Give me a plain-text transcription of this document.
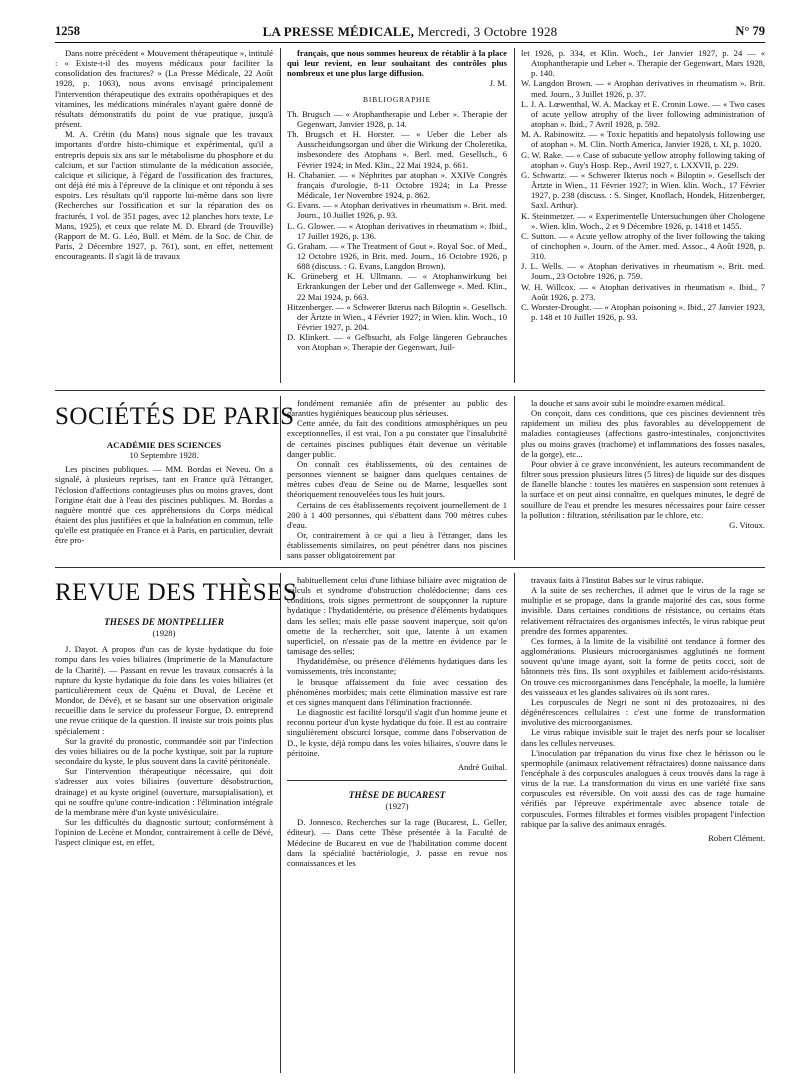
1258	LA PRESSE MÉDICALE, Mercredi, 3 Octobre 1928	N° 79

Dans notre précédent « Mouvement thérapeutique », intitulé : « Existe-t-il des moyens médicaux pour faciliter la consolidation des fractures? » (La Presse Médicale, 22 Août 1928, p. 1063), nous avons envisagé principalement l'intervention thérapeutique des extraits opothérapiques et des vitamines, les médications minérales n'ayant guère donné de résultats démonstratifs du point de vue pratique, jusqu'à présent.

M. A. Crétin (du Mans) nous signale que les travaux importants d'ordre histo-chimique et expérimental, qu'il a entrepris depuis six ans sur le métabolisme du phosphore et du calcium, et sur l'action stimulante de la médication associée, calcique et silicique, à l'égard de l'ossification des fractures, ont déjà été mis à l'épreuve de la clinique et ont répondu à ses espoirs. Les résultats qu'il rapporte lui-même dans son livre (Recherches sur l'ossification et sur la réparation des os fracturés, 1 vol. de 351 pages, avec 12 planches hors texte, Le Mans, 1925), et ceux que relate M. D. Ebrard (de Trouville) (Rapport de M. G. Léo, Bull. et Mém. de la Soc. de Chir. de Paris, 2 Décembre 1927, p. 761), sont, en effet, nettement encourageants. Il s'agit là de travaux

français, que nous sommes heureux de rétablir à la place qui leur revient, en leur souhaitant des contrôles plus nombreux et une plus large diffusion.

J. M.

BIBLIOGRAPHIE

Th. Brugsch — « Atophantherapie und Leber ». Therapie der Gegenwart, Janvier 1928, p. 14.

Th. Brugsch et H. Horster. — « Ueber die Leber als Ausscheidungsorgan und über die Wirkung der Choleretika, insbesondere des Atophans ». Berl. med. Gesellsch., 6 Février 1924; in Med. Klin., 22 Mai 1924, p. 661.

H. Chabanier. — « Néphrites par atophan ». XXIVe Congrès français d'urologie, 8-11 Octobre 1924; in La Presse Médicale, 1er Novembre 1924, p. 862.

G. Evans. — « Atophan derivatives in rheumatism ». Brit. med. Journ., 10 Juillet 1926, p. 93.

L. G. Glower. — « Atophan derivatives in rheumatism ». Ibid., 17 Juillet 1926, p. 136.

G. Graham. — « The Treatment of Gout ». Royal Soc. of Med., 12 Octobre 1926, in Brit. med. Journ., 16 Octobre 1926, p 688 (discuss. : G. Evans, Langdon Brown).

K. Grüneberg et H. Ullmann. — « Atophanwirkung bei Erkrankungen der Leber und der Gallenwege ». Med. Klin., 22 Mai 1924, p. 663.

Hitzenberger. — « Schwerer Ikterus nach Biloptin ». Gesellsch. der Ärtzte in Wien., 4 Février 1927; in Wien. klin. Woch., 10 Février 1927, p. 204.

D. Klinkert. — « Gelbsucht, als Folge längeren Gebrauches von Atophan ». Therapie der Gegenwart, Juil-

let 1926, p. 334, et Klin. Woch., 1er Janvier 1927, p. 24 — « Atophantherapie und Leber ». Therapie der Gegenwart, Mars 1928, p. 140.

W. Langdon Brown. — « Atophan derivatives in rheumatism ». Brit. med. Journ., 3 Juillet 1926, p. 37.

L. J. A. Lœwenthal, W. A. Mackay et E. Cronin Lowe. — « Two cases of acute yellow atrophy of the liver following administration of atophan ». Ibid., 7 Avril 1928, p. 592.

M. A. Rabinowitz. — « Toxic hepatitis and hepatolysis following use of atophan ». M. Clin. North America, Janvier 1928, t. XI, p. 1020.

G. W. Rake. — « Case of subacute yellow atrophy following taking of atophan ». Guy's Hosp. Rep., Avril 1927, t. LXXVII, p. 229.

G. Schwartz. — « Schwerer Ikterus noch « Biloptin ». Gesellsch der Ärtzte in Wien., 11 Février 1927; in Wien. klin. Woch., 17 Février 1927, p. 238 (discuss. : S. Singer, Knoflach, Hondek, Hitzenberger, Saxl. Arthur).

K. Steinmetzer. — « Experimentelle Untersuchungen über Chologene ». Wien. klin. Woch., 2 et 9 Décembre 1926, p. 1418 et 1455.

C. Sutton. — « Acute yellow atrophy of the liver following the taking of cinchophen ». Journ. of the Amer. med. Assoc., 4 Août 1928, p. 310.

J. L. Wells. — « Atophan derivatives in rheumatism ». Brit. med. Journ., 23 Octobre 1926, p. 759.

W. H. Willcox. — « Atophan derivatives in rheumatism ». Ibid., 7 Août 1926, p. 273.

C. Worster-Drought. — « Atophan poisoning ». Ibid., 27 Janvier 1923, p. 148 et 10 Juillet 1926, p. 93.

SOCIÉTÉS DE PARIS

ACADÉMIE DES SCIENCES

10 Septembre 1928.

Les piscines publiques. — MM. Bordas et Neveu. On a signalé, à plusieurs reprises, tant en France qu'à l'étranger, l'éclosion d'affections contagieuses plus ou moins graves, dont l'origine était due à l'eau des piscines publiques. M. Bordas a naguère montré que ces appréhensions du Corps médical étaient des plus justifiées et que la balnéation en commun, telle qu'elle est pratiquée en France et à Paris, en particulier, devrait être pro-

fondément remaniée afin de présenter au public des garanties hygiéniques beaucoup plus sérieuses.

Cette année, du fait des conditions atmosphériques un peu exceptionnelles, il est vrai, l'on a pu constater que l'insalubrité de certaines piscines publiques était devenue un véritable danger public.

On connaît ces établissements, où des centaines de personnes viennent se baigner dans quelques centaines de mètres cubes d'eau de Seine ou de Marne, lesquelles sont théoriquement renouvelées tous les huit jours.

Certains de ces établissements reçoivent journellement de 1 200 à 1 400 personnes, qui s'ébattent dans 700 mètres cubes d'eau.

Or, contrairement à ce qui a lieu à l'étranger, dans les établissements similaires, on peut pénétrer dans nos piscines sans passer obligatoirement par

la douche et sans avoir subi le moindre examen médical.

On conçoit, dans ces conditions, que ces piscines deviennent très rapidement un milieu des plus favorables au développement de maladies contagieuses (affections gastro-intestinales, conjonctivites plus ou moins graves (trachome) et inflammations des fosses nasales, de la gorge), etc...

Pour obvier à ce grave inconvénient, les auteurs recommandent de filtrer sous pression plusieurs litres (5 litres) de liquide sur des disques de flanelle blanche : toutes les matières en suspension sont retenues à la surface et on peut ainsi connaître, en quelques minutes, le degré de souillure de l'eau et prendre les mesures nécessaires pour faire cesser la pollution : filtration, stérilisation par le chlore, etc.

G. Vitoux.

REVUE DES THÈSES

THÈSES DE MONTPELLIER

(1928)

J. Dayot. A propos d'un cas de kyste hydatique du foie rompu dans les voies biliaires (Imprimerie de la Manufacture de la Charité). — Passant en revue les travaux consacrés à la rupture du kyste hydatique du foie dans les voies biliaires (et particulièrement ceux de Quénu et Duval, de Lecène et Mondor, de Dévé), et se basant sur une observation originale recueillie dans le service du professeur Forgue, D. entreprend une revue critique de la question. Il insiste sur trois points plus spécialement :

Sur la gravité du pronostic, commandée soit par l'infection des voies biliaires ou de la poche kystique, soit par la rupture secondaire du kyste, le plus souvent dans la cavité péritonéale.

Sur l'intervention thérapeutique nécessaire, qui doit s'adresser aux voies biliaires (ouverture désobstruction, drainage) et au kyste originel (ouverture, marsupialisation), et qui ne souffre qu'une contre-indication : l'élimination intégrale de la membrane mère d'un kyste univésiculaire.

Sur les difficultés du diagnostic surtout; conformément à l'opinion de Lecène et Mondor, contrairement à celle de Dévé, l'aspect clinique est, en effet,

habituellement celui d'une lithiase biliaire avec migration de calculs et syndrome d'obstruction cholédocienne; dans ces conditions, trois signes permettront de soupçonner la rupture hydatique : l'hydatidentérie, ou présence d'éléments hydatiques dans les selles; mais elle passe souvent inaperçue, soit qu'on omette de la rechercher, soit que, latente à un examen superficiel, on n'essaie pas de la mettre en évidence par le tamisage des selles;

l'hydatidémèse, ou présence d'éléments hydatiques dans les vomissements, très inconstante;

le brusque affaissement du foie avec cessation des phénomènes morbides; mais cette élimination massive est rare et ces signes manquent dans l'élimination fractionnée.

Le diagnostic est facilité lorsqu'il s'agit d'un homme jeune et reconnu porteur d'un kyste hydatique du foie. Il est au contraire singulièrement obscurci lorsque, comme dans l'observation de D., le kyste, déjà rompu dans les voies biliaires, s'ouvre dans le péritoine.

André Guibal.

THÈSE DE BUCAREST

(1927)

D. Jonnesco. Recherches sur la rage (Bucarest, L. Geller, éditeur). — Dans cette Thèse présentée à la Faculté de Médecine de Bucarest en vue de l'habilitation comme docent dans la spécialité bactériologie, J. passe en revue nos connaissances et les

travaux faits à l'Institut Babes sur le virus rabique.

A la suite de ses recherches, il admet que le virus de la rage se multiplie et se propage, dans la grande majorité des cas, sous forme invisible. Dans certaines conditions de résistance, ou certains états relativement réfractaires des organismes infectés, le virus rabique peut prendre des formes apparentes.

Ces formes, à la limite de la visibilité ont tendance à former des agglomérations. Plusieurs microorganismes agglutinés ne forment souvent qu'une image ayant, soit la forme de petits cocci, soit de bâtonnets très fins. Ils sont oxyphiles et faiblement acido-résistants. On trouve ces microorganismes dans l'encéphale, la moelle, la lumière des vaisseaux et les glandes salivaires où ils sont rares.

Les corpuscules de Negri ne sont ni des protozoaires, ni des dégénérescences cellulaires : c'est une forme de transformation involutive des microorganismes.

Le virus rabique invisible suit le trajet des nerfs pour se localiser dans les cellules nerveuses.

L'inoculation par trépanation du virus fixe chez le hérisson ou le spermophile (animaux relativement réfractaires) donne naissance dans l'encéphale à des corpuscules analogues à ceux trouvés dans la rage à virus de la rue. La transformation du virus en une variété fixe sans corpuscules est réversible. On voit aussi des cas de rage humaine vérifiés par l'épreuve expérimentale avec absence totale de corpuscules. Formes filtrables et formes visibles propagent l'infection rabique par la salive des animaux enragés.

Robert Clément.
